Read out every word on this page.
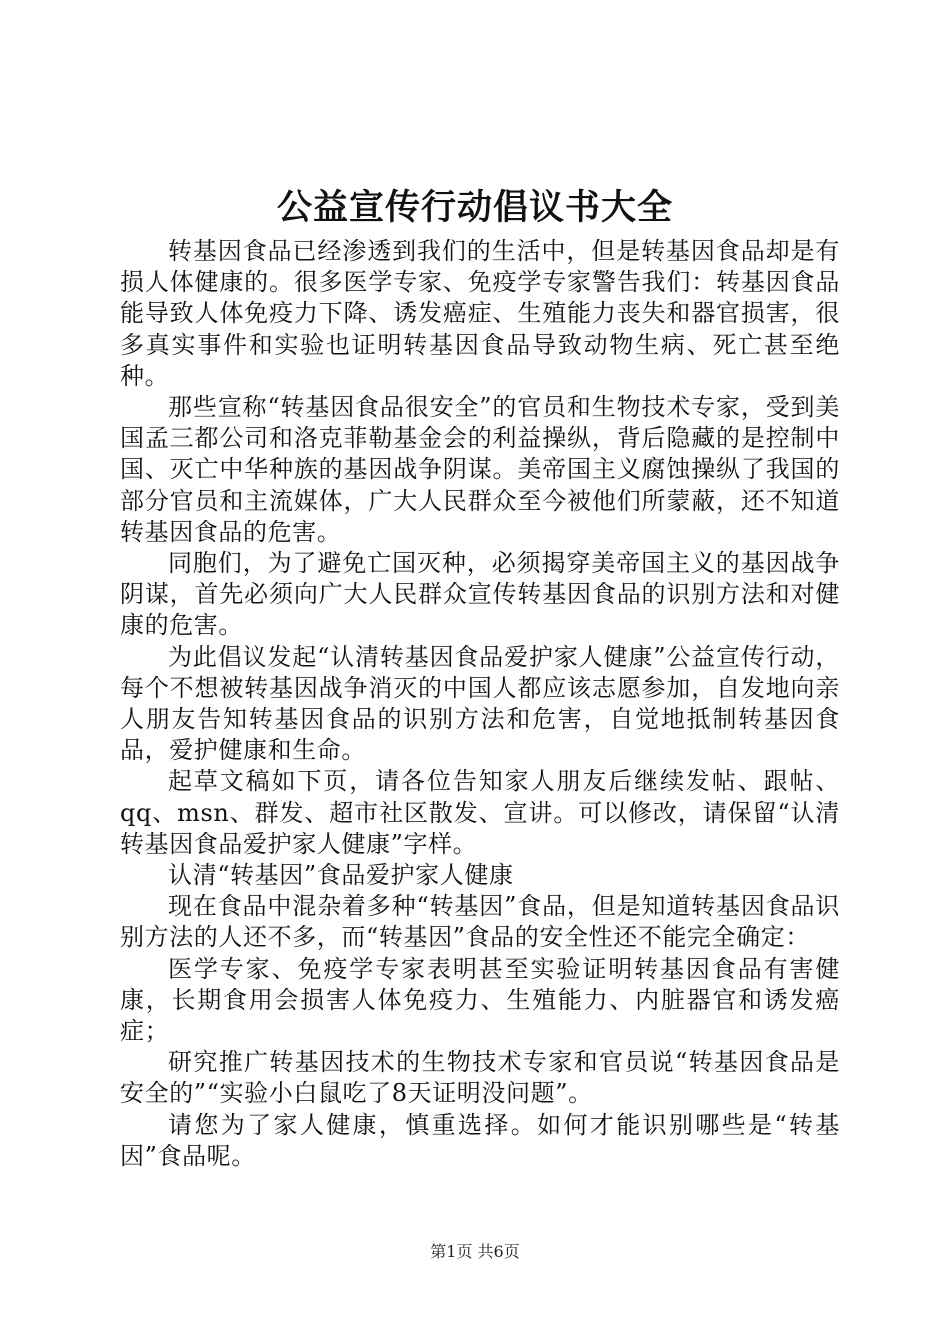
公益宣传行动倡议书大全

转基因食品已经渗透到我们的生活中，但是转基因食品却是有损人体健康的。很多医学专家、免疫学专家警告我们：转基因食品能导致人体免疫力下降、诱发癌症、生殖能力丧失和器官损害，很多真实事件和实验也证明转基因食品导致动物生病、死亡甚至绝种。

那些宣称“转基因食品很安全”的官员和生物技术专家，受到美国孟三都公司和洛克菲勒基金会的利益操纵，背后隐藏的是控制中国、灭亡中华种族的基因战争阴谋。美帝国主义腐蚀操纵了我国的部分官员和主流媒体，广大人民群众至今被他们所蒙蔽，还不知道转基因食品的危害。

同胞们，为了避免亡国灭种，必须揭穿美帝国主义的基因战争阴谋，首先必须向广大人民群众宣传转基因食品的识别方法和对健康的危害。

为此倡议发起“认清转基因食品爱护家人健康”公益宣传行动，每个不想被转基因战争消灭的中国人都应该志愿参加，自发地向亲人朋友告知转基因食品的识别方法和危害，自觉地抵制转基因食品，爱护健康和生命。

起草文稿如下页，请各位告知家人朋友后继续发帖、跟帖、qq、msn、群发、超市社区散发、宣讲。可以修改，请保留“认清转基因食品爱护家人健康”字样。

认清“转基因”食品爱护家人健康

现在食品中混杂着多种“转基因”食品，但是知道转基因食品识别方法的人还不多，而“转基因”食品的安全性还不能完全确定：

医学专家、免疫学专家表明甚至实验证明转基因食品有害健康，长期食用会损害人体免疫力、生殖能力、内脏器官和诱发癌症；

研究推广转基因技术的生物技术专家和官员说“转基因食品是安全的”“实验小白鼠吃了8天证明没问题”。

请您为了家人健康，慎重选择。如何才能识别哪些是“转基因”食品呢。

第1页 共6页
